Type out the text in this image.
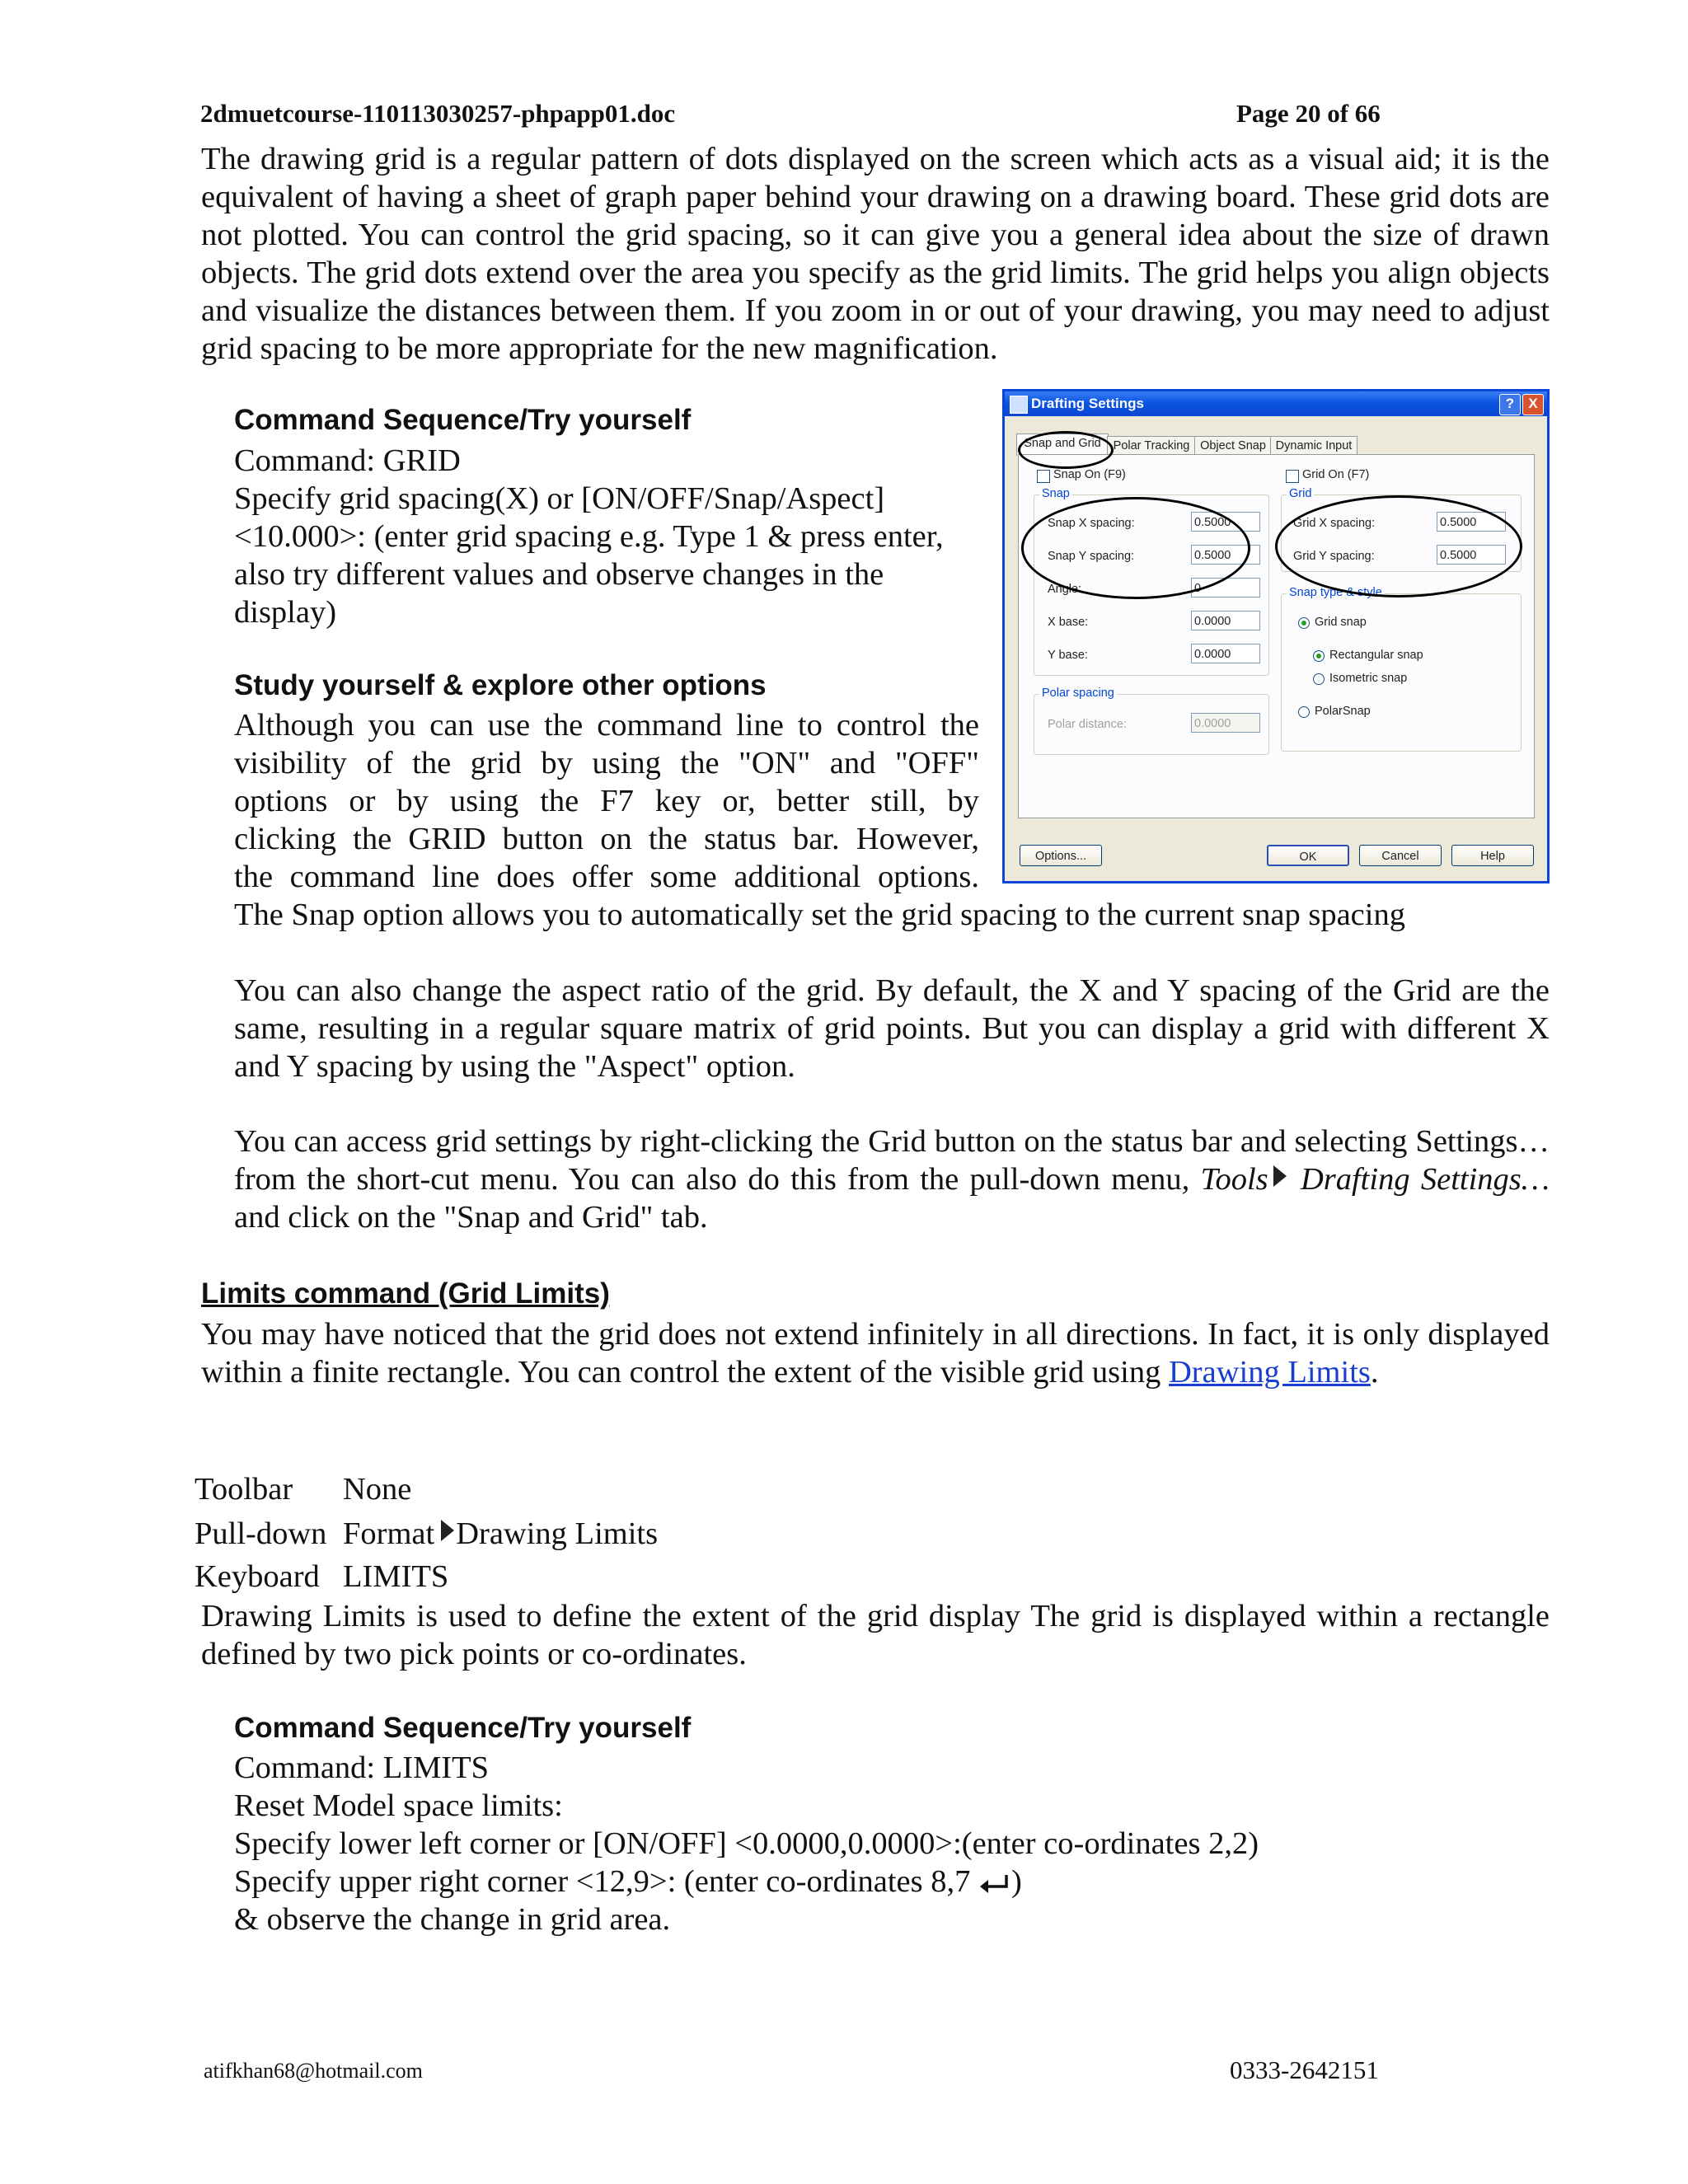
2dmuetcourse-110113030257-phpapp01.doc	Page 20 of 66
The drawing grid is a regular pattern of dots displayed on the screen which acts as a visual aid; it is the equivalent of having a sheet of graph paper behind your drawing on a drawing board. These grid dots are not plotted. You can control the grid spacing, so it can give you a general idea about the size of drawn objects. The grid dots extend over the area you specify as the grid limits. The grid helps you align objects and visualize the distances between them. If you zoom in or out of your drawing, you may need to adjust grid spacing to be more appropriate for the new magnification.
Command Sequence/Try yourself
Command: GRID
Specify grid spacing(X) or [ON/OFF/Snap/Aspect]
<10.000>: (enter grid spacing e.g. Type 1 & press enter,
also try different values and observe changes in the
display)
Study yourself & explore other options
Although you can use the command line to control the
visibility of the grid by using the "ON" and "OFF"
options or by using the F7 key or, better still, by
clicking the GRID button on the status bar. However,
the command line does offer some additional options.
The Snap option allows you to automatically set the grid spacing to the current snap spacing
You can also change the aspect ratio of the grid. By default, the X and Y spacing of the Grid are the same, resulting in a regular square matrix of grid points. But you can display a grid with different X and Y spacing by using the "Aspect" option.
You can access grid settings by right-clicking the Grid button on the status bar and selecting Settings… from the short-cut menu. You can also do this from the pull-down menu, Tools Drafting Settings… and click on the "Snap and Grid" tab.
Limits command (Grid Limits)
You may have noticed that the grid does not extend infinitely in all directions. In fact, it is only displayed within a finite rectangle. You can control the extent of the visible grid using Drawing Limits.
Toolbar None
Pull-down Format Drawing Limits
Keyboard LIMITS
Drawing Limits is used to define the extent of the grid display The grid is displayed within a rectangle defined by two pick points or co-ordinates.
Command Sequence/Try yourself
Command: LIMITS
Reset Model space limits:
Specify lower left corner or [ON/OFF] <0.0000,0.0000>:(enter co-ordinates 2,2)
Specify upper right corner <12,9>: (enter co-ordinates 8,7 )
& observe the change in grid area.
atifkhan68@hotmail.com	0333-2642151
Drafting Settings	?	X
Snap and Grid	Polar Tracking Object Snap Dynamic Input
Snap On (F9)	Grid On (F7)
Snap
Snap X spacing:	0.5000
Snap Y spacing:	0.5000
Angle:	0
X base:	0.0000
Y base:	0.0000
Polar spacing
Polar distance:	0.0000
Grid
Grid X spacing:	0.5000
Grid Y spacing:	0.5000
Snap type & style
Grid snap
Rectangular snap
Isometric snap
PolarSnap
Options...	OK	Cancel	Help
